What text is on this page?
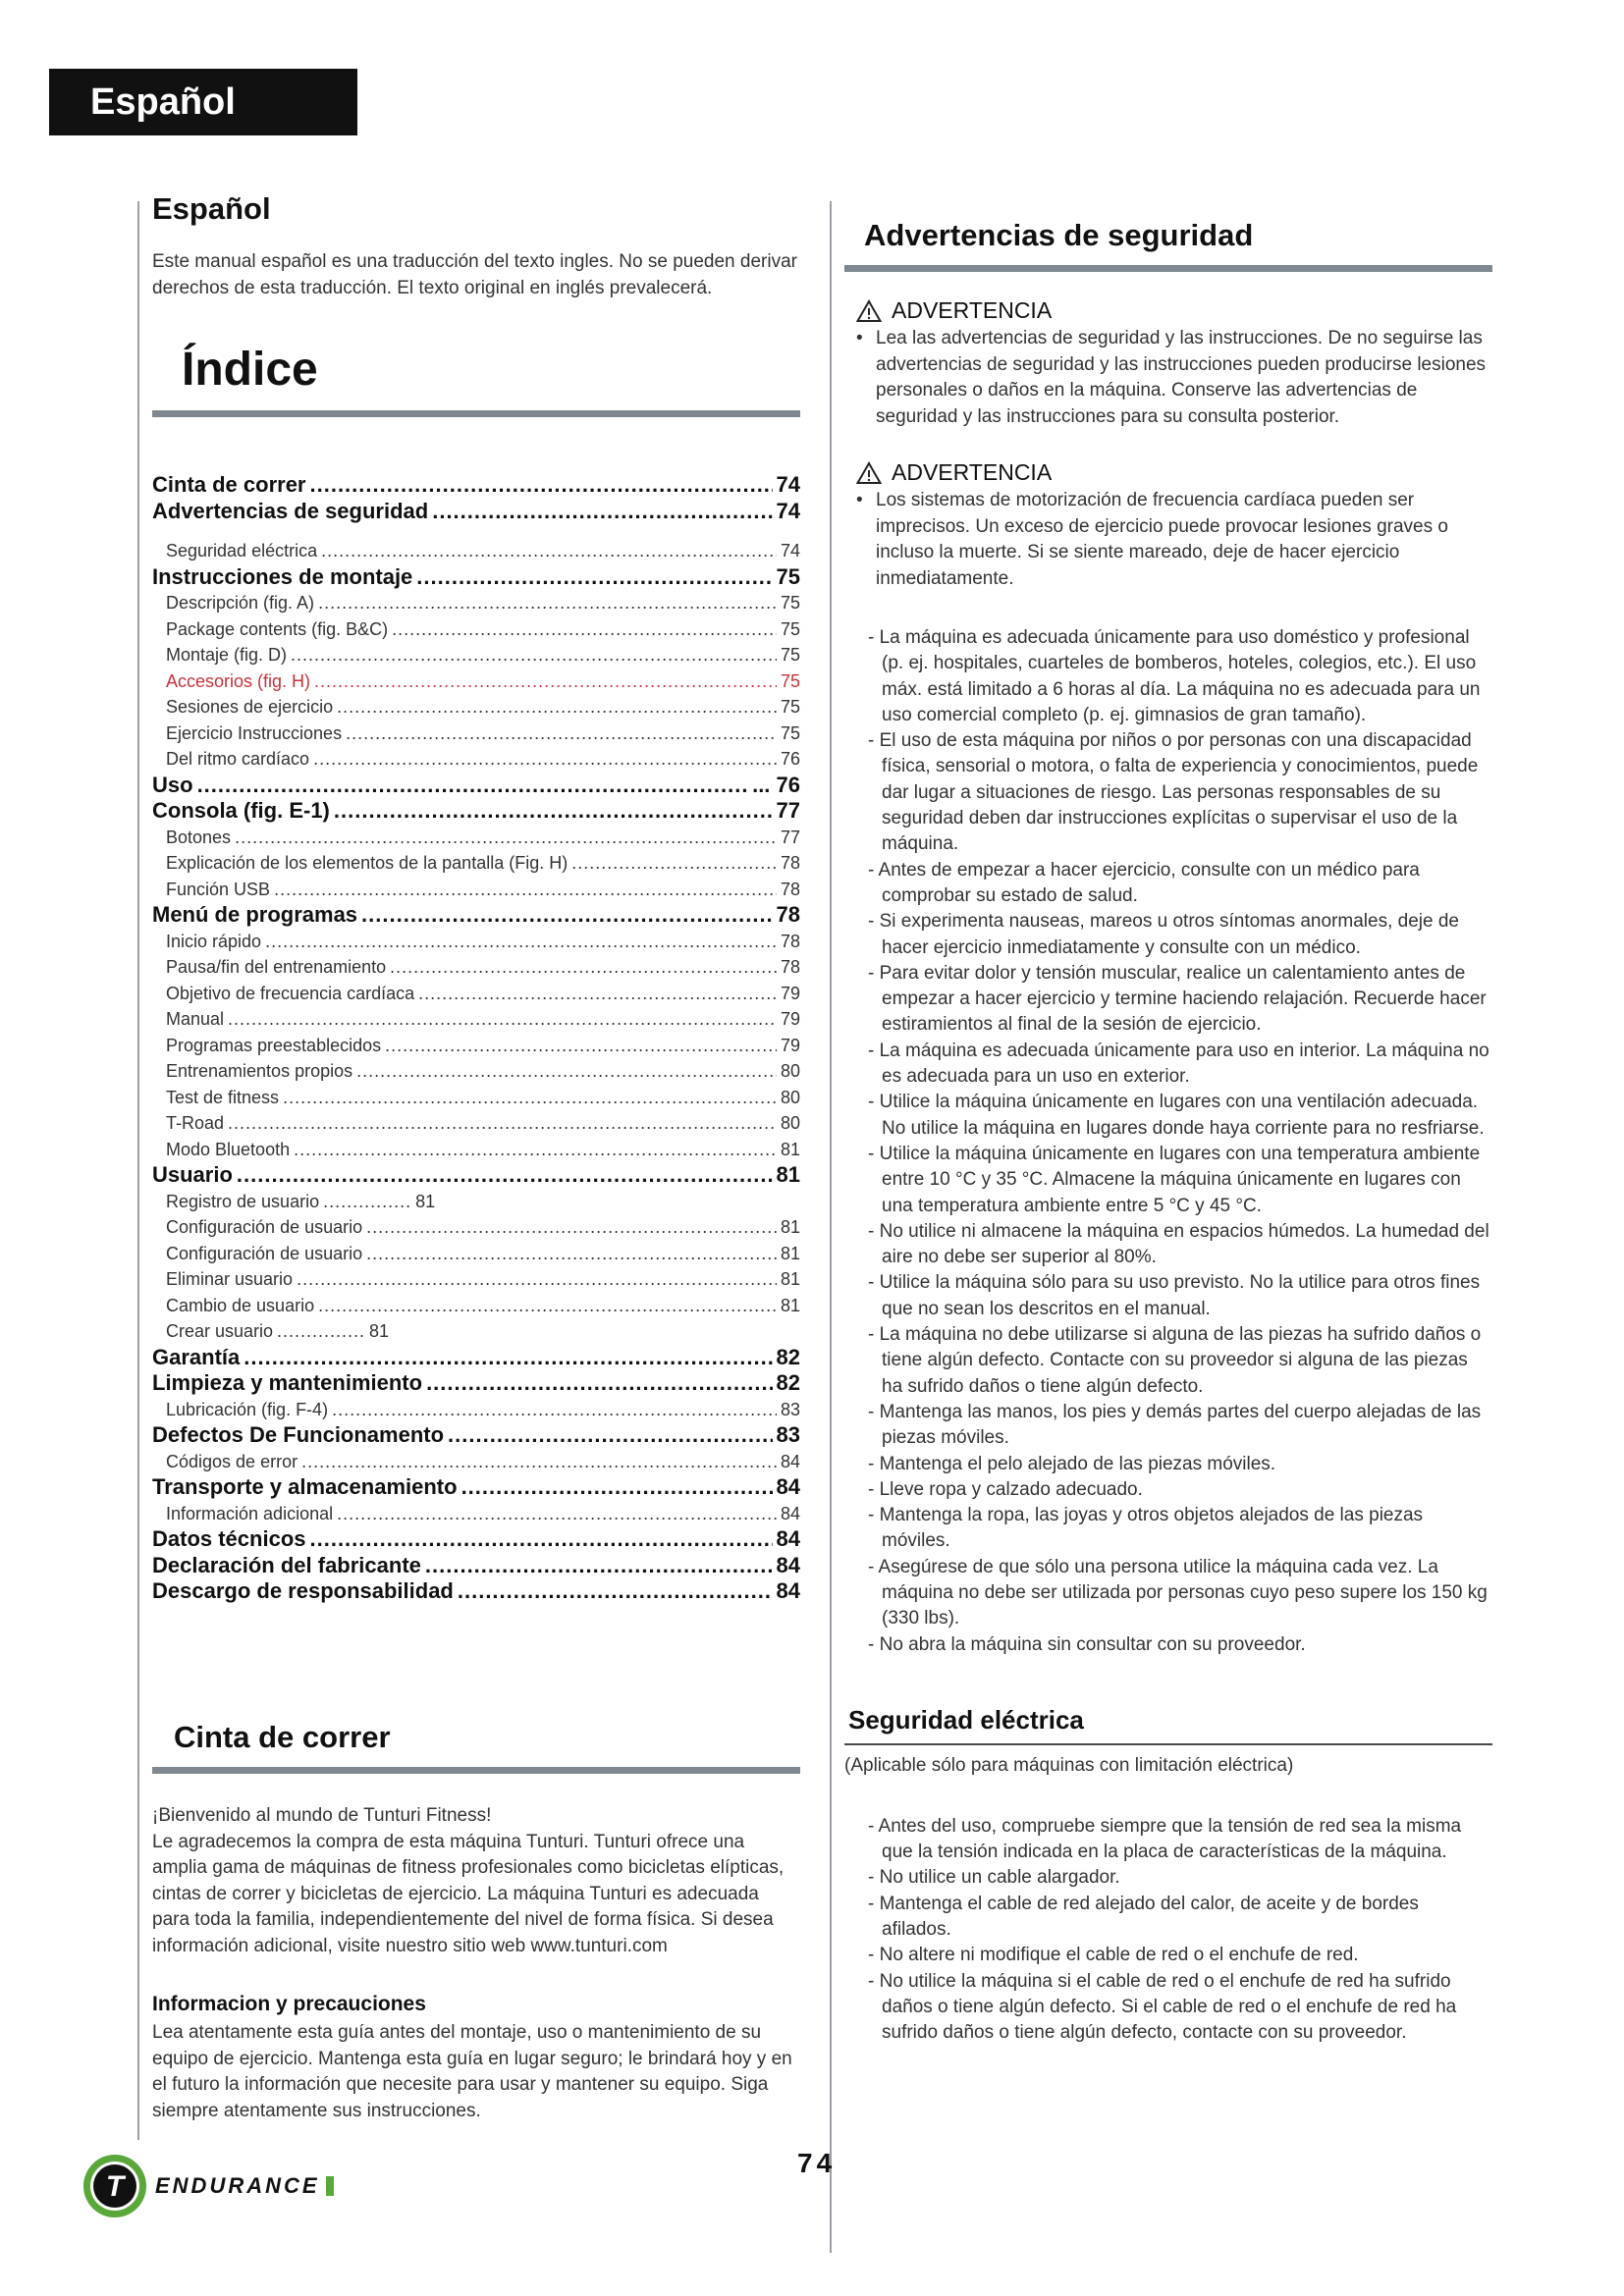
Español
Español

Este manual español es una traducción del texto ingles. No se pueden derivar derechos de esta traducción. El texto original en inglés prevalecerá.

Índice
Cinta de correr .....	74
Advertencias de seguridad .....	74
Seguridad eléctrica .....	74
Instrucciones de montaje .....	75
Descripción (fig. A) .....	75
Package contents (fig. B&C) .....	75
Montaje (fig. D) .....	75
Accesorios (fig. H) .....	75
Sesiones de ejercicio .....	75
Ejercicio Instrucciones .....	75
Del ritmo cardíaco .....	76
Uso .....	... 76
Consola (fig. E-1) .....	77
Botones .....	77
Explicación de los elementos de la pantalla (Fig. H) .....	78
Función USB .....	78
Menú de programas .....	78
Inicio rápido .....	78
Pausa/fin del entrenamiento .....	78
Objetivo de frecuencia cardíaca .....	79
Manual .....	79
Programas preestablecidos .....	79
Entrenamientos propios .....	80
Test de fitness .....	80
T-Road .....	80
Modo Bluetooth .....	81
Usuario .....	81
Registro de usuario .....	81
Configuración de usuario .....	81
Configuración de usuario .....	81
Eliminar usuario .....	81
Cambio de usuario .....	81
Crear usuario .....	81
Garantía .....	82
Limpieza y mantenimiento .....	82
Lubricación (fig. F-4) .....	83
Defectos De Funcionamento .....	83
Códigos de error .....	84
Transporte y almacenamiento .....	84
Información adicional .....	84
Datos técnicos .....	84
Declaración del fabricante .....	84
Descargo de responsabilidad .....	84
Cinta de correr

¡Bienvenido al mundo de Tunturi Fitness!

Le agradecemos la compra de esta máquina Tunturi. Tunturi ofrece una amplia gama de máquinas de fitness profesionales como bicicletas elípticas, cintas de correr y bicicletas de ejercicio. La máquina Tunturi es adecuada para toda la familia, independientemente del nivel de forma física. Si desea información adicional, visite nuestro sitio web www.tunturi.com

Informacion y precauciones

Lea atentamente esta guía antes del montaje, uso o mantenimiento de su equipo de ejercicio. Mantenga esta guía en lugar seguro; le brindará hoy y en el futuro la información que necesite para usar y mantener su equipo. Siga siempre atentamente sus instrucciones.

Advertencias de seguridad
ADVERTENCIA
• Lea las advertencias de seguridad y las instrucciones. De no seguirse las advertencias de seguridad y las instrucciones pueden producirse lesiones personales o daños en la máquina. Conserve las advertencias de seguridad y las instrucciones para su consulta posterior.
ADVERTENCIA
• Los sistemas de motorización de frecuencia cardíaca pueden ser imprecisos. Un exceso de ejercicio puede provocar lesiones graves o incluso la muerte. Si se siente mareado, deje de hacer ejercicio inmediatamente.
- La máquina es adecuada únicamente para uso doméstico y profesional (p. ej. hospitales, cuarteles de bomberos, hoteles, colegios, etc.). El uso máx. está limitado a 6 horas al día. La máquina no es adecuada para un uso comercial completo (p. ej. gimnasios de gran tamaño).
- El uso de esta máquina por niños o por personas con una discapacidad física, sensorial o motora, o falta de experiencia y conocimientos, puede dar lugar a situaciones de riesgo. Las personas responsables de su seguridad deben dar instrucciones explícitas o supervisar el uso de la máquina.
- Antes de empezar a hacer ejercicio, consulte con un médico para comprobar su estado de salud.
- Si experimenta nauseas, mareos u otros síntomas anormales, deje de hacer ejercicio inmediatamente y consulte con un médico.
- Para evitar dolor y tensión muscular, realice un calentamiento antes de empezar a hacer ejercicio y termine haciendo relajación. Recuerde hacer estiramientos al final de la sesión de ejercicio.
- La máquina es adecuada únicamente para uso en interior. La máquina no es adecuada para un uso en exterior.
- Utilice la máquina únicamente en lugares con una ventilación adecuada. No utilice la máquina en lugares donde haya corriente para no resfriarse.
- Utilice la máquina únicamente en lugares con una temperatura ambiente entre 10 °C y 35 °C. Almacene la máquina únicamente en lugares con una temperatura ambiente entre 5 °C y 45 °C.
- No utilice ni almacene la máquina en espacios húmedos. La humedad del aire no debe ser superior al 80%.
- Utilice la máquina sólo para su uso previsto. No la utilice para otros fines que no sean los descritos en el manual.
- La máquina no debe utilizarse si alguna de las piezas ha sufrido daños o tiene algún defecto. Contacte con su proveedor si alguna de las piezas ha sufrido daños o tiene algún defecto.
- Mantenga las manos, los pies y demás partes del cuerpo alejadas de las piezas móviles.
- Mantenga el pelo alejado de las piezas móviles.
- Lleve ropa y calzado adecuado.
- Mantenga la ropa, las joyas y otros objetos alejados de las piezas móviles.
- Asegúrese de que sólo una persona utilice la máquina cada vez. La máquina no debe ser utilizada por personas cuyo peso supere los 150 kg (330 lbs).
- No abra la máquina sin consultar con su proveedor.
Seguridad eléctrica

(Aplicable sólo para máquinas con limitación eléctrica)

- Antes del uso, compruebe siempre que la tensión de red sea la misma que la tensión indicada en la placa de características de la máquina.
- No utilice un cable alargador.
- Mantenga el cable de red alejado del calor, de aceite y de bordes afilados.
- No altere ni modifique el cable de red o el enchufe de red.
- No utilice la máquina si el cable de red o el enchufe de red ha sufrido daños o tiene algún defecto. Si el cable de red o el enchufe de red ha sufrido daños o tiene algún defecto, contacte con su proveedor.
T ENDURANCE
74
